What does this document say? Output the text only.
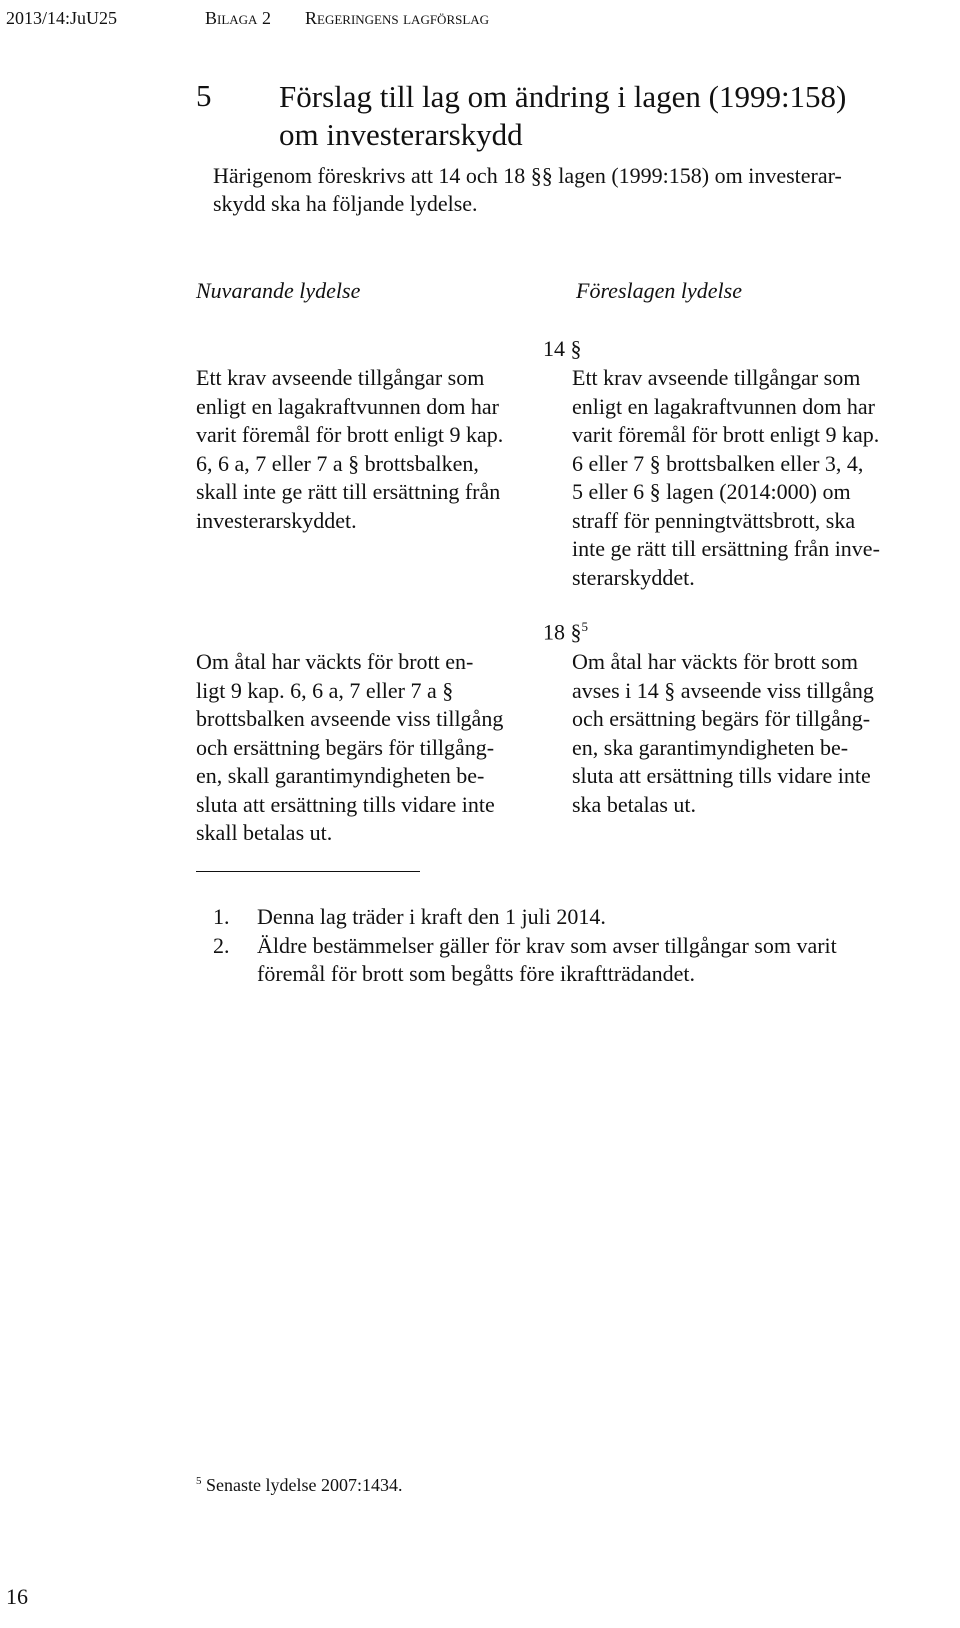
2013/14:JuU25	Bilaga 2 Regeringens lagförslag
5 Förslag till lag om ändring i lagen (1999:158)
om investerarskydd
Härigenom föreskrivs att 14 och 18 §§ lagen (1999:158) om investerar-
skydd ska ha följande lydelse.
Nuvarande lydelse	Föreslagen lydelse
14 §
Ett krav avseende tillgångar som
enligt en lagakraftvunnen dom har
varit föremål för brott enligt 9 kap.
6, 6 a, 7 eller 7 a § brottsbalken,
skall inte ge rätt till ersättning från
investerarskyddet.
Ett krav avseende tillgångar som
enligt en lagakraftvunnen dom har
varit föremål för brott enligt 9 kap.
6 eller 7 § brottsbalken eller 3, 4,
5 eller 6 § lagen (2014:000) om
straff för penningtvättsbrott, ska
inte ge rätt till ersättning från inve-
sterarskyddet.
18 §$^5$
Om åtal har väckts för brott en-
ligt 9 kap. 6, 6 a, 7 eller 7 a §
brottsbalken avseende viss tillgång
och ersättning begärs för tillgång-
en, skall garantimyndigheten be-
sluta att ersättning tills vidare inte
skall betalas ut.
Om åtal har väckts för brott som
avses i 14 § avseende viss tillgång
och ersättning begärs för tillgång-
en, ska garantimyndigheten be-
sluta att ersättning tills vidare inte
ska betalas ut.
1. Denna lag träder i kraft den 1 juli 2014.
2. Äldre bestämmelser gäller för krav som avser tillgångar som varit
föremål för brott som begåtts före ikraftträdandet.
$^5$ Senaste lydelse 2007:1434.
16
